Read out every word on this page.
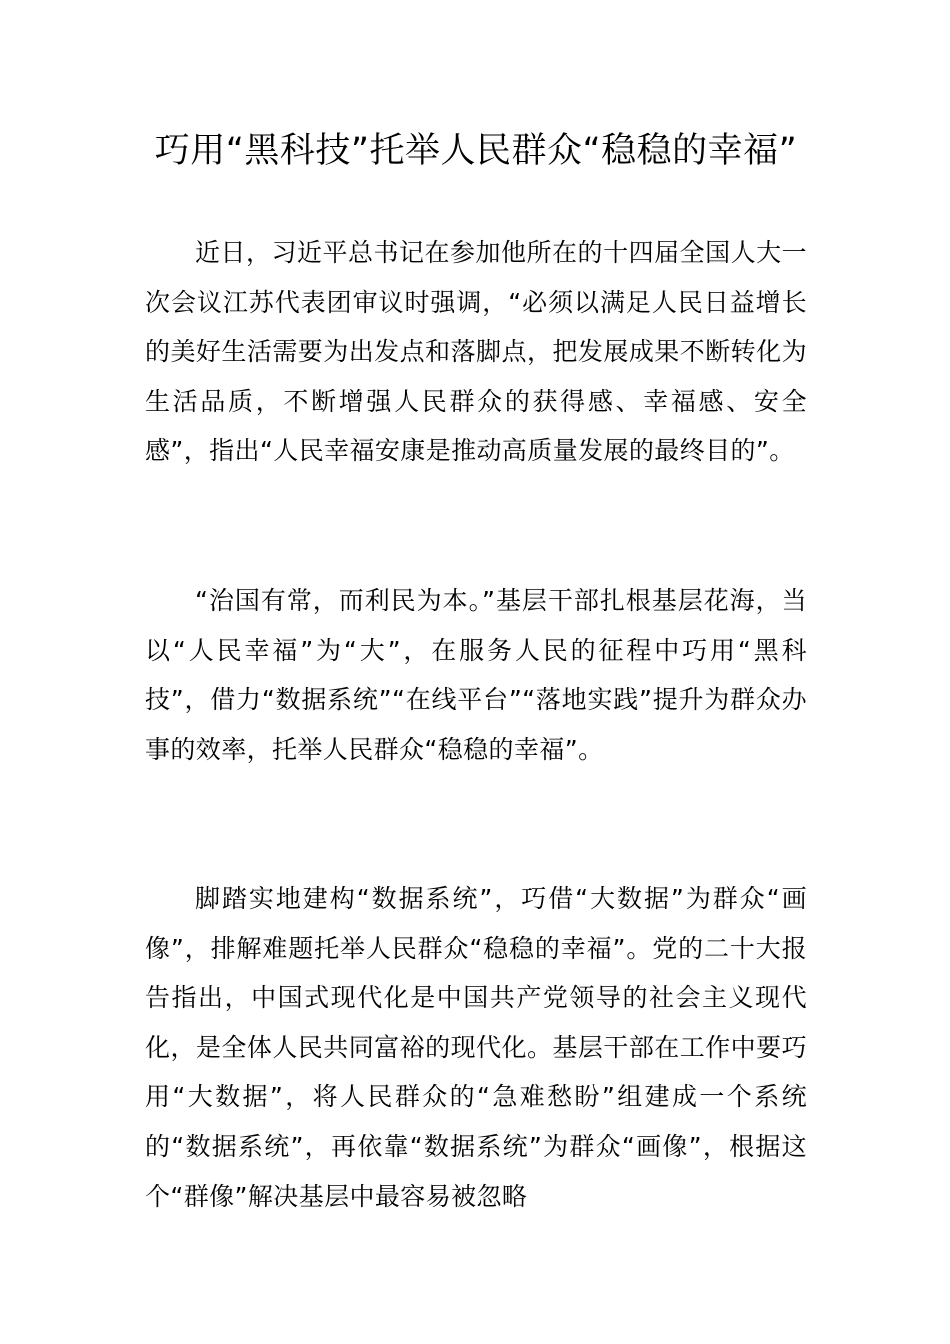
巧用“黑科技”托举人民群众“稳稳的幸福”

近日，习近平总书记在参加他所在的十四届全国人大一次会议江苏代表团审议时强调，“必须以满足人民日益增长的美好生活需要为出发点和落脚点，把发展成果不断转化为生活品质，不断增强人民群众的获得感、幸福感、安全感”，指出“人民幸福安康是推动高质量发展的最终目的”。

“治国有常，而利民为本。”基层干部扎根基层花海，当以“人民幸福”为“大”，在服务人民的征程中巧用“黑科技”，借力“数据系统”“在线平台”“落地实践”提升为群众办事的效率，托举人民群众“稳稳的幸福”。

脚踏实地建构“数据系统”，巧借“大数据”为群众“画像”，排解难题托举人民群众“稳稳的幸福”。党的二十大报告指出，中国式现代化是中国共产党领导的社会主义现代化，是全体人民共同富裕的现代化。基层干部在工作中要巧用“大数据”，将人民群众的“急难愁盼”组建成一个系统的“数据系统”，再依靠“数据系统”为群众“画像”，根据这个“群像”解决基层中最容易被忽略
